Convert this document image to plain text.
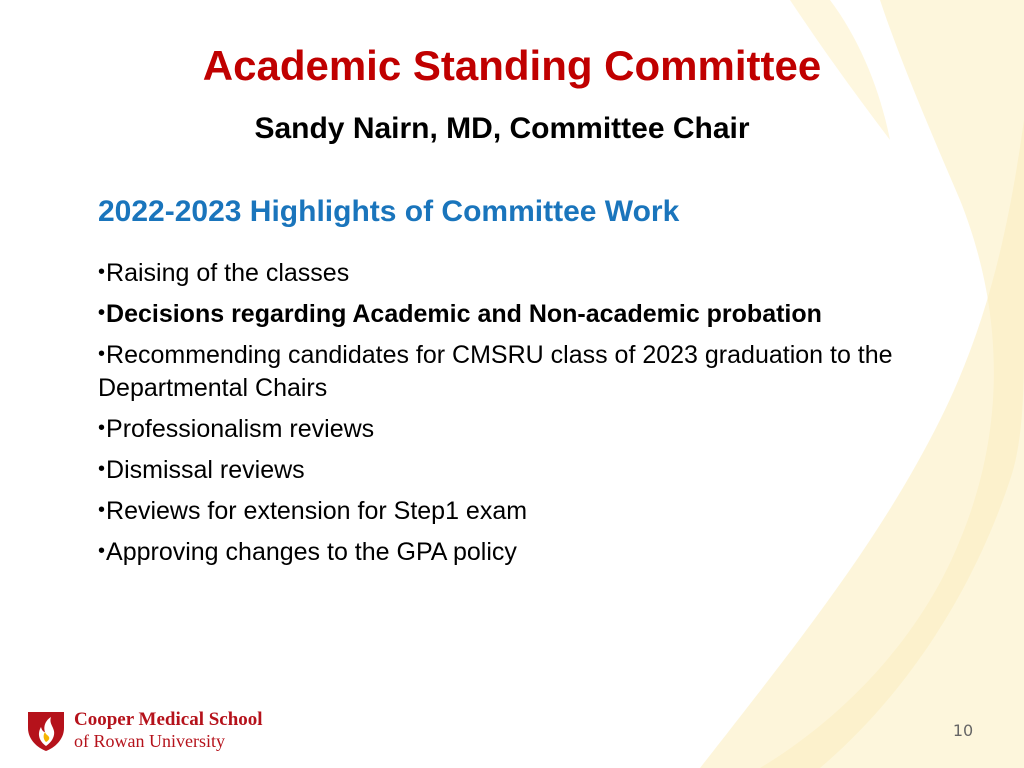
Academic Standing Committee
Sandy Nairn, MD, Committee Chair
2022-2023 Highlights of Committee Work
•Raising of the classes
•Decisions regarding Academic and Non-academic probation
•Recommending candidates for CMSRU class of 2023 graduation to the Departmental Chairs
•Professionalism reviews
•Dismissal reviews
•Reviews for extension for Step1 exam
•Approving changes to the GPA policy
Cooper Medical School
of Rowan University
10
